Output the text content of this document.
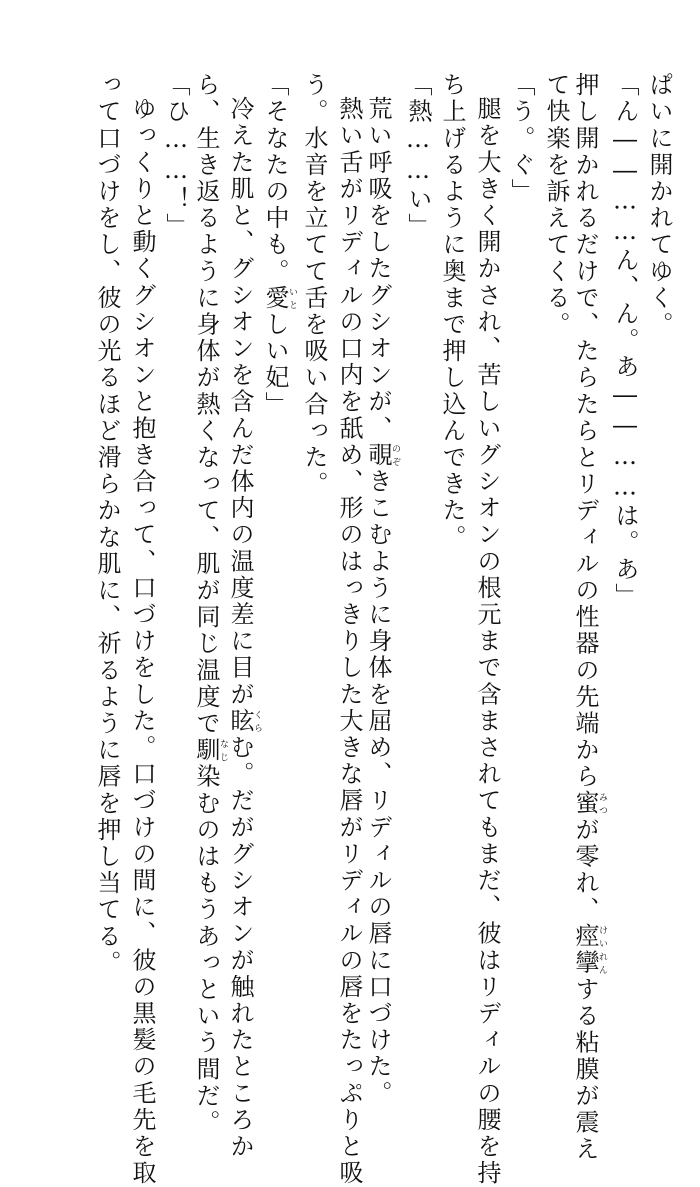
ぱいに開かれてゆく。
「ん――……ん、ん。あ――……は。あ」
押し開かれるだけで、たらたらとリディルの性器の先端から蜜みつが零れ、痙攣けいれんする粘膜が震え
て快楽を訴えてくる。
「う。ぐ」
腿を大きく開かされ、苦しいグシオンの根元まで含まされてもまだ、彼はリディルの腰を持
ち上げるように奥まで押し込んできた。
「熱……い」
荒い呼吸をしたグシオンが、覗のぞきこむように身体を屈め、リディルの唇に口づけた。
熱い舌がリディルの口内を舐め、形のはっきりした大きな唇がリディルの唇をたっぷりと吸
う。水音を立てて舌を吸い合った。
「そなたの中も。愛いとしい妃」
冷えた肌と、グシオンを含んだ体内の温度差に目が眩くらむ。だがグシオンが触れたところか
ら、生き返るように身体が熱くなって、肌が同じ温度で馴なじ染むのはもうあっという間だ。
「ひ……！」
ゆっくりと動くグシオンと抱き合って、口づけをした。口づけの間に、彼の黒髪の毛先を取
って口づけをし、彼の光るほど滑らかな肌に、祈るように唇を押し当てる。
